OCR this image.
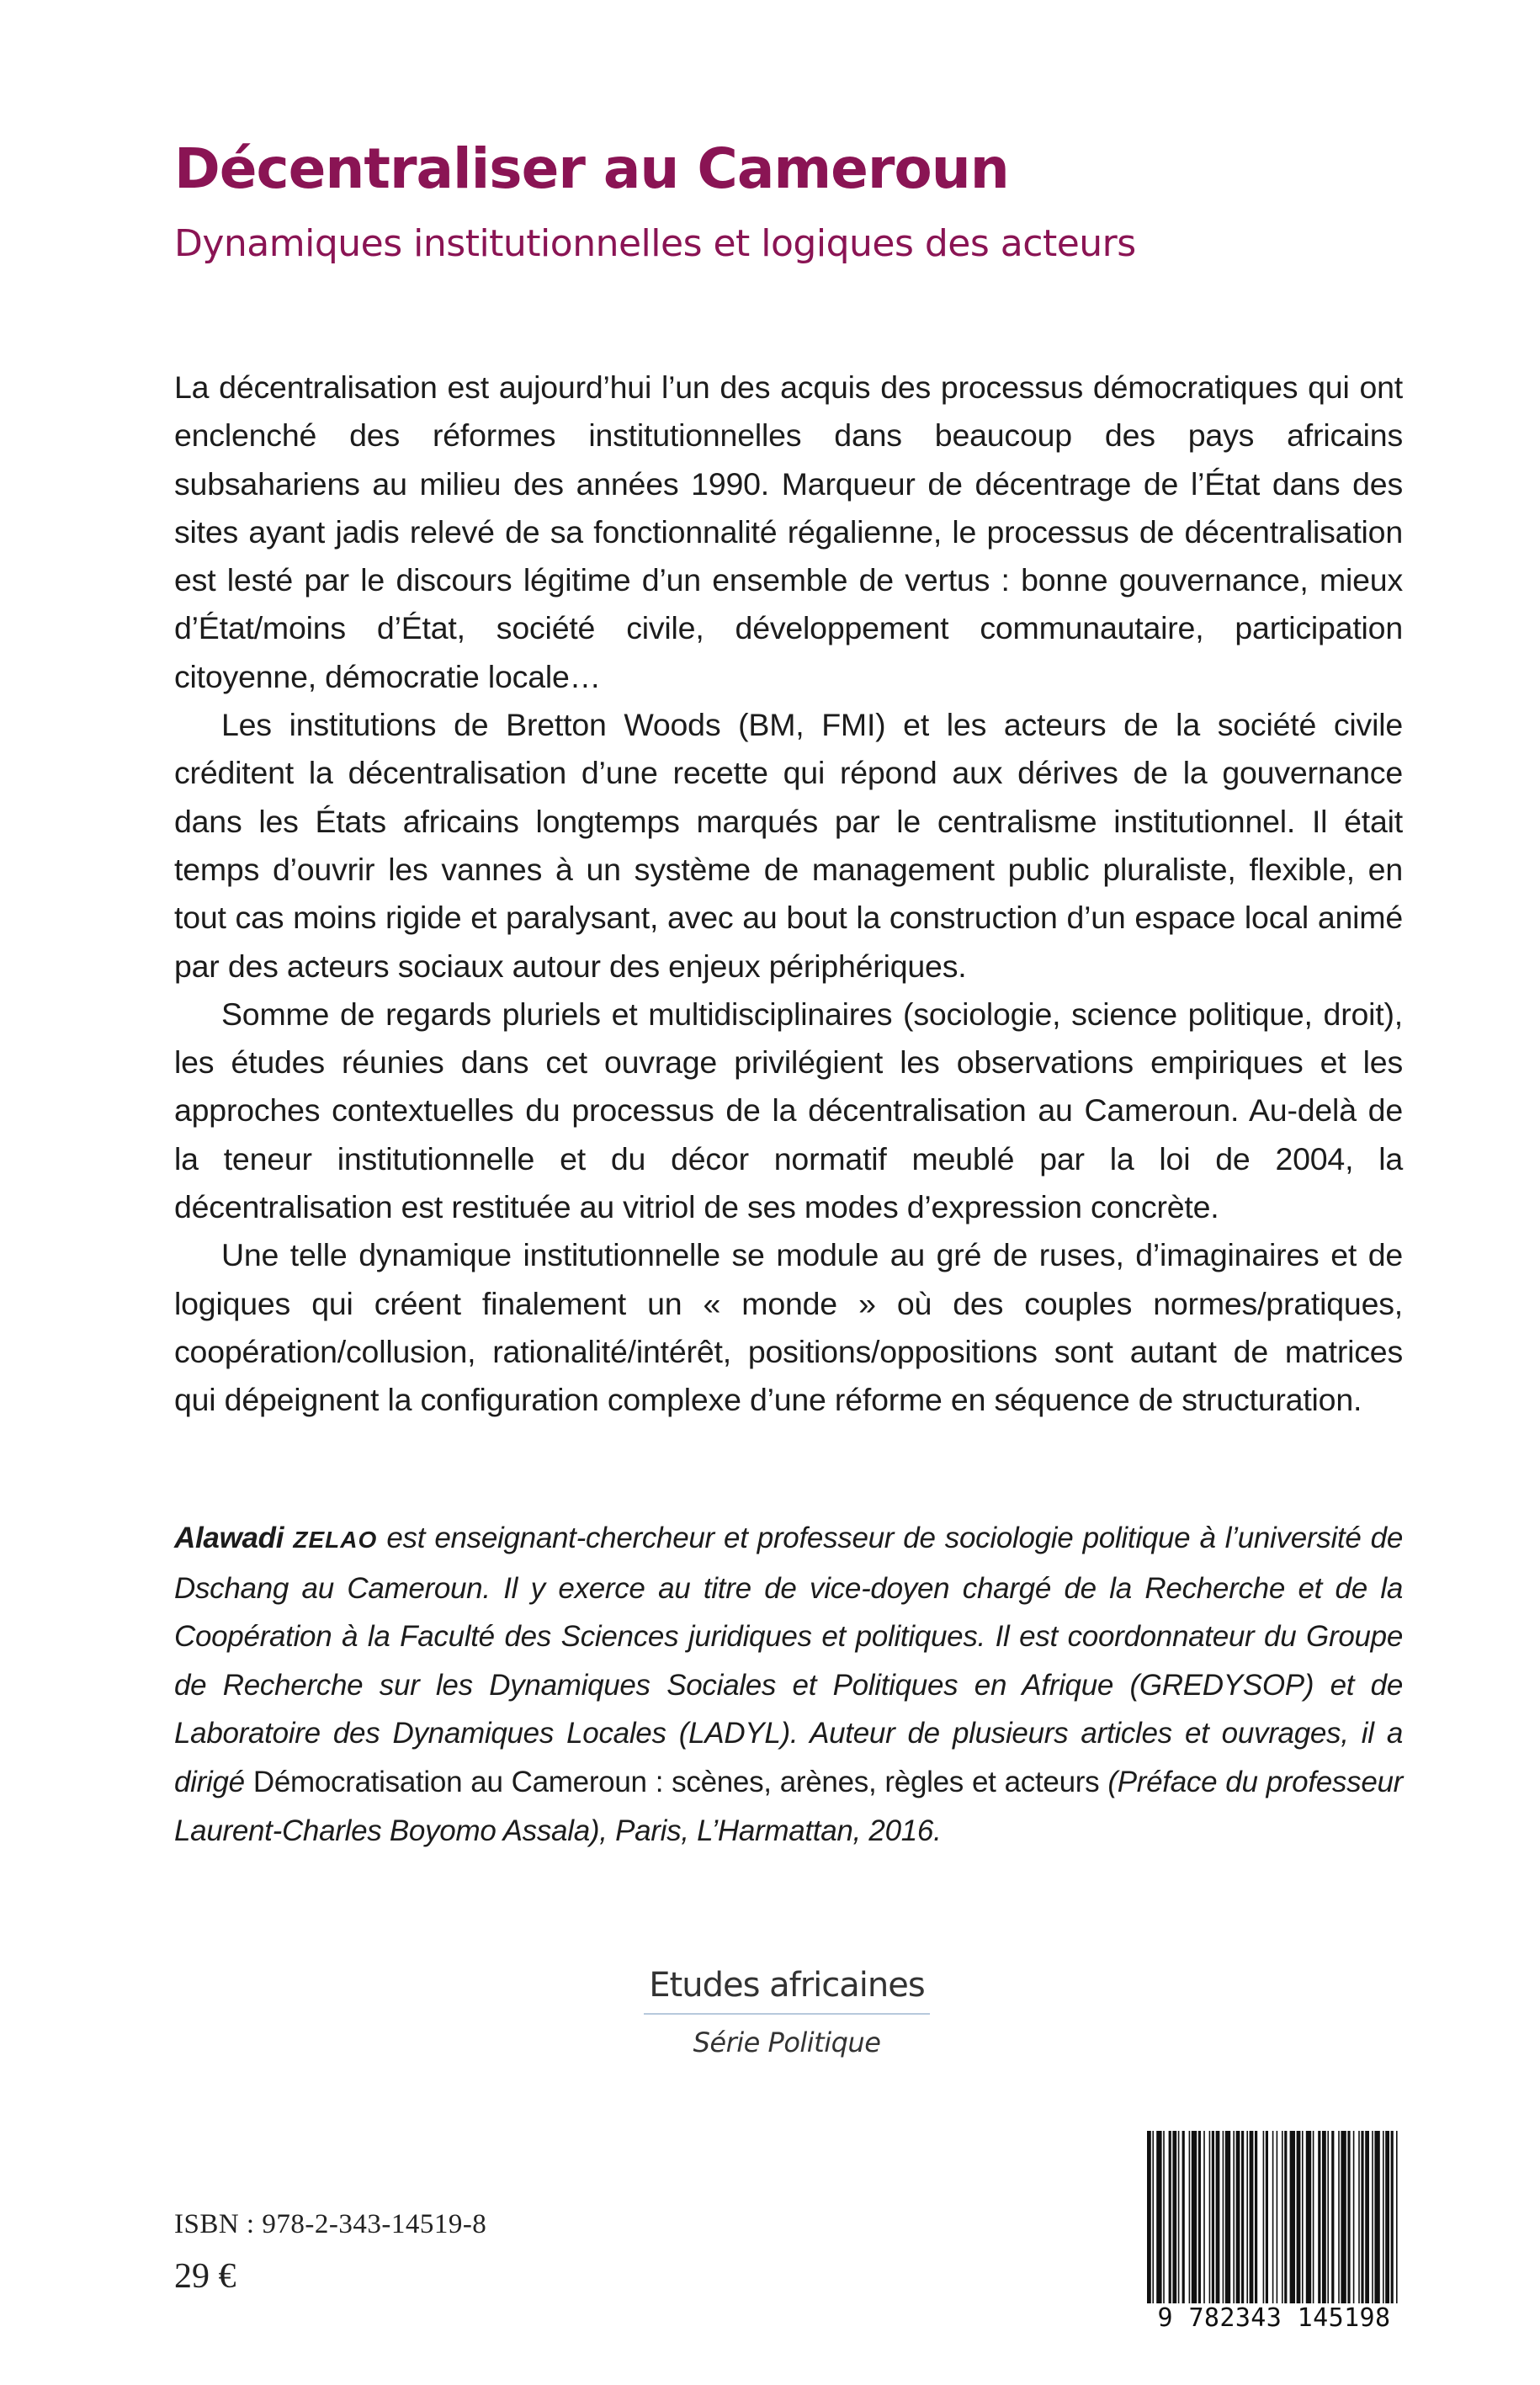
Décentraliser au Cameroun
Dynamiques institutionnelles et logiques des acteurs

La décentralisation est aujourd’hui l’un des acquis des processus démocratiques qui ont enclenché des réformes institutionnelles dans beaucoup des pays africains subsahariens au milieu des années 1990. Marqueur de décentrage de l’État dans des sites ayant jadis relevé de sa fonctionnalité régalienne, le processus de décentralisation est lesté par le discours légitime d’un ensemble de vertus : bonne gouvernance, mieux d’État/moins d’État, société civile, développement communautaire, participation citoyenne, démocratie locale…

Les institutions de Bretton Woods (BM, FMI) et les acteurs de la société civile créditent la décentralisation d’une recette qui répond aux dérives de la gouvernance dans les États africains longtemps marqués par le centralisme institutionnel. Il était temps d’ouvrir les vannes à un système de management public pluraliste, flexible, en tout cas moins rigide et paralysant, avec au bout la construction d’un espace local animé par des acteurs sociaux autour des enjeux périphériques.

Somme de regards pluriels et multidisciplinaires (sociologie, science politique, droit), les études réunies dans cet ouvrage privilégient les observations empiriques et les approches contextuelles du processus de la décentralisation au Cameroun. Au-delà de la teneur institutionnelle et du décor normatif meublé par la loi de 2004, la décentralisation est restituée au vitriol de ses modes d’expression concrète.

Une telle dynamique institutionnelle se module au gré de ruses, d’imaginaires et de logiques qui créent finalement un « monde » où des couples normes/pratiques, coopération/collusion, rationalité/intérêt, positions/oppositions sont autant de matrices qui dépeignent la configuration complexe d’une réforme en séquence de structuration.

Alawadi ZELAO est enseignant-chercheur et professeur de sociologie politique à l’université de Dschang au Cameroun. Il y exerce au titre de vice-doyen chargé de la Recherche et de la Coopération à la Faculté des Sciences juridiques et politiques. Il est coordonnateur du Groupe de Recherche sur les Dynamiques Sociales et Politiques en Afrique (GREDYSOP) et de Laboratoire des Dynamiques Locales (LADYL). Auteur de plusieurs articles et ouvrages, il a dirigé Démocratisation au Cameroun : scènes, arènes, règles et acteurs (Préface du professeur Laurent-Charles Boyomo Assala), Paris, L’Harmattan, 2016.

Etudes africaines
Série Politique
ISBN : 978-2-343-14519-8
29 €
9 782343 145198
